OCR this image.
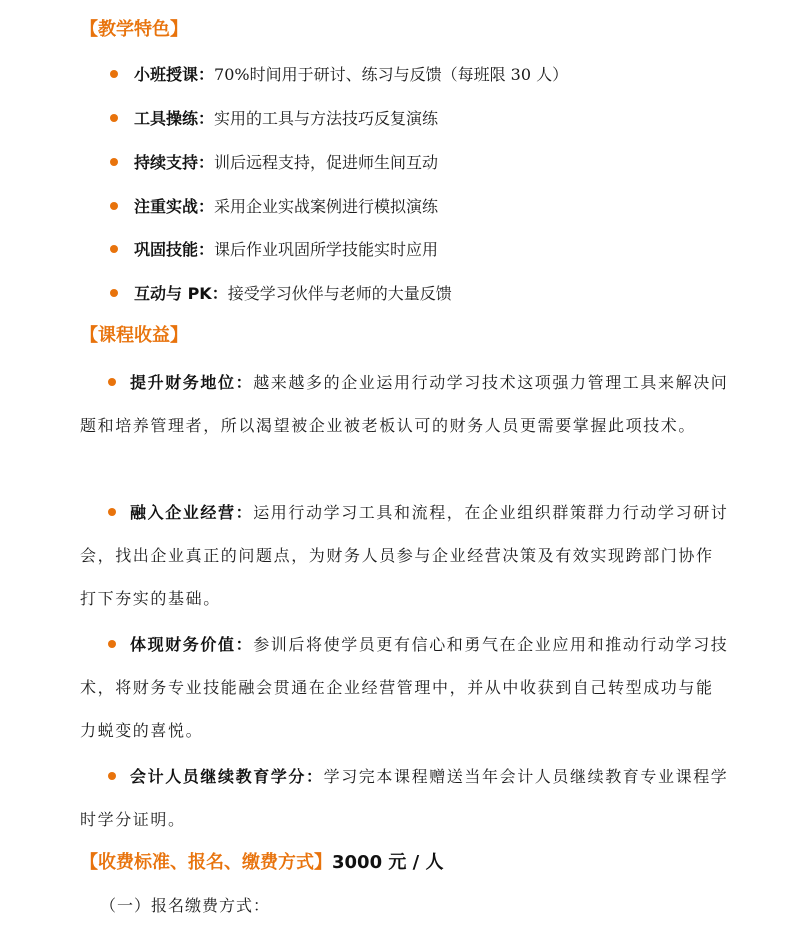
【教学特色】

小班授课：70%时间用于研讨、练习与反馈（每班限 30 人）

工具操练：实用的工具与方法技巧反复演练

持续支持：训后远程支持，促进师生间互动

注重实战：采用企业实战案例进行模拟演练

巩固技能：课后作业巩固所学技能实时应用

互动与 PK：接受学习伙伴与老师的大量反馈

【课程收益】

提升财务地位：越来越多的企业运用行动学习技术这项强力管理工具来解决问题和培养管理者，所以渴望被企业被老板认可的财务人员更需要掌握此项技术。

融入企业经营：运用行动学习工具和流程，在企业组织群策群力行动学习研讨会，找出企业真正的问题点，为财务人员参与企业经营决策及有效实现跨部门协作打下夯实的基础。

体现财务价值：参训后将使学员更有信心和勇气在企业应用和推动行动学习技术，将财务专业技能融会贯通在企业经营管理中，并从中收获到自己转型成功与能力蜕变的喜悦。

会计人员继续教育学分：学习完本课程赠送当年会计人员继续教育专业课程学时学分证明。

【收费标准、报名、缴费方式】3000 元 / 人

（一）报名缴费方式：
